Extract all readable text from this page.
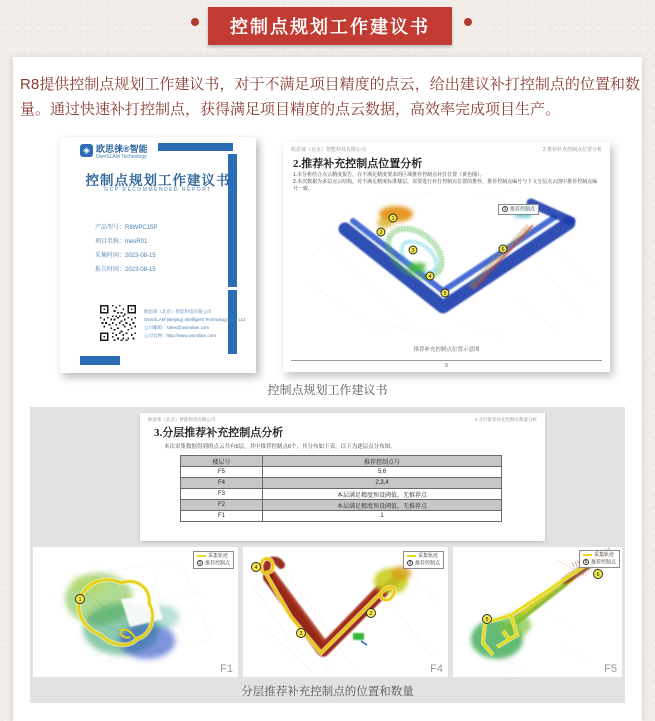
控制点规划工作建议书
R8提供控制点规划工作建议书，对于不满足项目精度的点云，给出建议补打控制点的位置和数量。通过快速补打控制点，获得满足项目精度的点云数据，高效率完成项目生产。
◈ 欧思徕®智能
OwnSLAM Technology
控制点规划工作建议书
GCP RECOMMENDED REPORT
产品型号：R8WPC15P
项目名称：mesR01
采集时间：2023-08-15
报告时间：2023-08-15
欧思徕（北京）智能科技有限公司
OwnSLAM (Beijing) Intelligent Technology Co., Ltd.
公司邮箱：sales@ownslam.com
公司官网：http://www.ownslam.com
欧思徕（北京）智能科技有限公司	2.推荐补充控制点位置分析
2.推荐补充控制点位置分析
1.本分析结合点云精度报告，在不满足精度要求的区域推荐控制点补打位置（黄色圈）。
2.本次数据为多层点云结构，对不满足精度标准楼层，需要进行补打控制点位置的推荐，推荐控制点编号与下文分层点云图中推荐控制点编号一致。
1
2
3
4
5
6
1 推荐控制点
推荐补充控制点位置示意图
8
控制点规划工作建议书
欧思徕（北京）智能科技有限公司	3.分层推荐补充控制点数量分析
3.分层推荐补充控制点分析
本次采集数据得到的点云共有5层，其中推荐控制点6个，其分布如下表，以下为逐层点分布图。
楼层号	推荐控制点号
F5	5,6
F4	2,3,4
F3	本层满足精度预设阈值，无推荐点
F2	本层满足精度预设阈值，无推荐点
F1	1
1
采集轨迹
1 推荐控制点
F1
4
3
2
采集轨迹
2 推荐控制点
F4
5
6
采集轨迹
5 推荐控制点
F5
分层推荐补充控制点的位置和数量
